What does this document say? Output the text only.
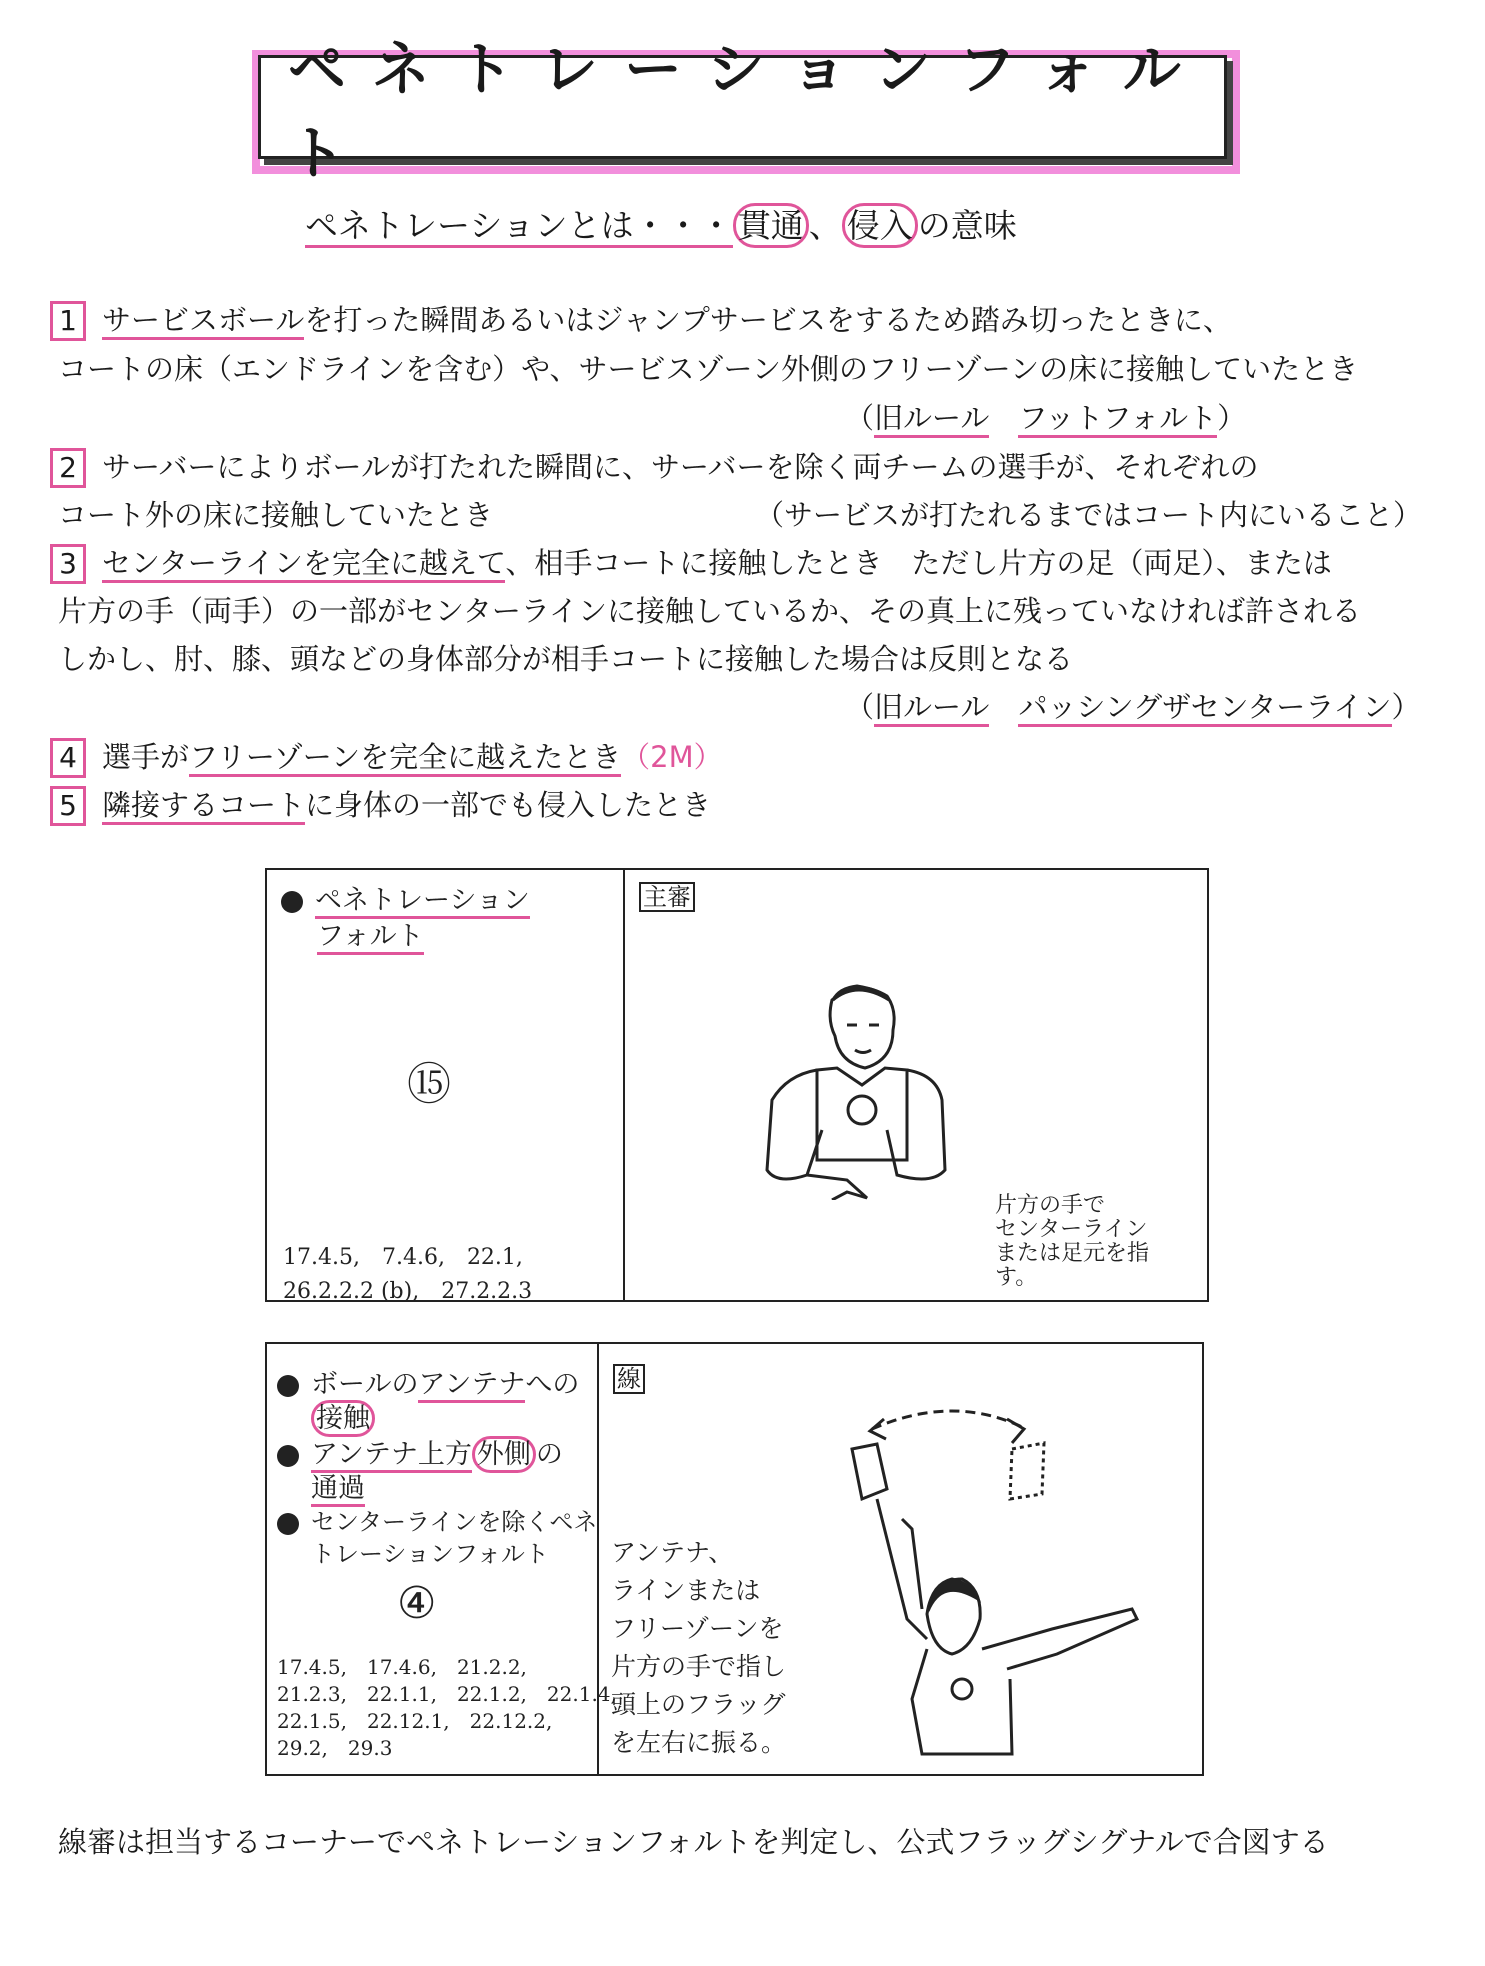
ペネトレーションフォルト
ペネトレーションとは・・・ 貫通 、 侵入 の意味
1 サービスボールを打った瞬間あるいはジャンプサービスをするため踏み切ったときに、
コートの床（エンドラインを含む）や、サービスゾーン外側のフリーゾーンの床に接触していたとき
（旧ルール　 フットフォルト）
2 サーバーによりボールが打たれた瞬間に、サーバーを除く両チームの選手が、それぞれの
コート外の床に接触していたとき	（サービスが打たれるまではコート内にいること）
3 センターラインを完全に越えて、相手コートに接触したとき　ただし片方の足（両足）、または
片方の手（両手）の一部がセンターラインに接触しているか、その真上に残っていなければ許される
しかし、肘、膝、頭などの身体部分が相手コートに接触した場合は反則となる
（旧ルール　 パッシングザセンターライン）
4 選手がフリーゾーンを完全に越えたとき（2M）
5 隣接するコートに身体の一部でも侵入したとき
ペネトレーション
フォルト
⑮
17.4.5,　7.4.6,　22.1,
26.2.2.2 (b),　27.2.2.3
主審
片方の手で
センターライン
または足元を指
す。
ボールのアンテナへの
接触
アンテナ上方 外側 の
通過
センターラインを除くペネ
トレーションフォルト
④
17.4.5,　17.4.6,　21.2.2,
21.2.3,　22.1.1,　22.1.2,　22.1.4,
22.1.5,　22.12.1,　22.12.2,
29.2,　29.3
線
アンテナ、
ラインまたは
フリーゾーンを
片方の手で指し
頭上のフラッグ
を左右に振る。
線審は担当するコーナーでペネトレーションフォルトを判定し、公式フラッグシグナルで合図する
